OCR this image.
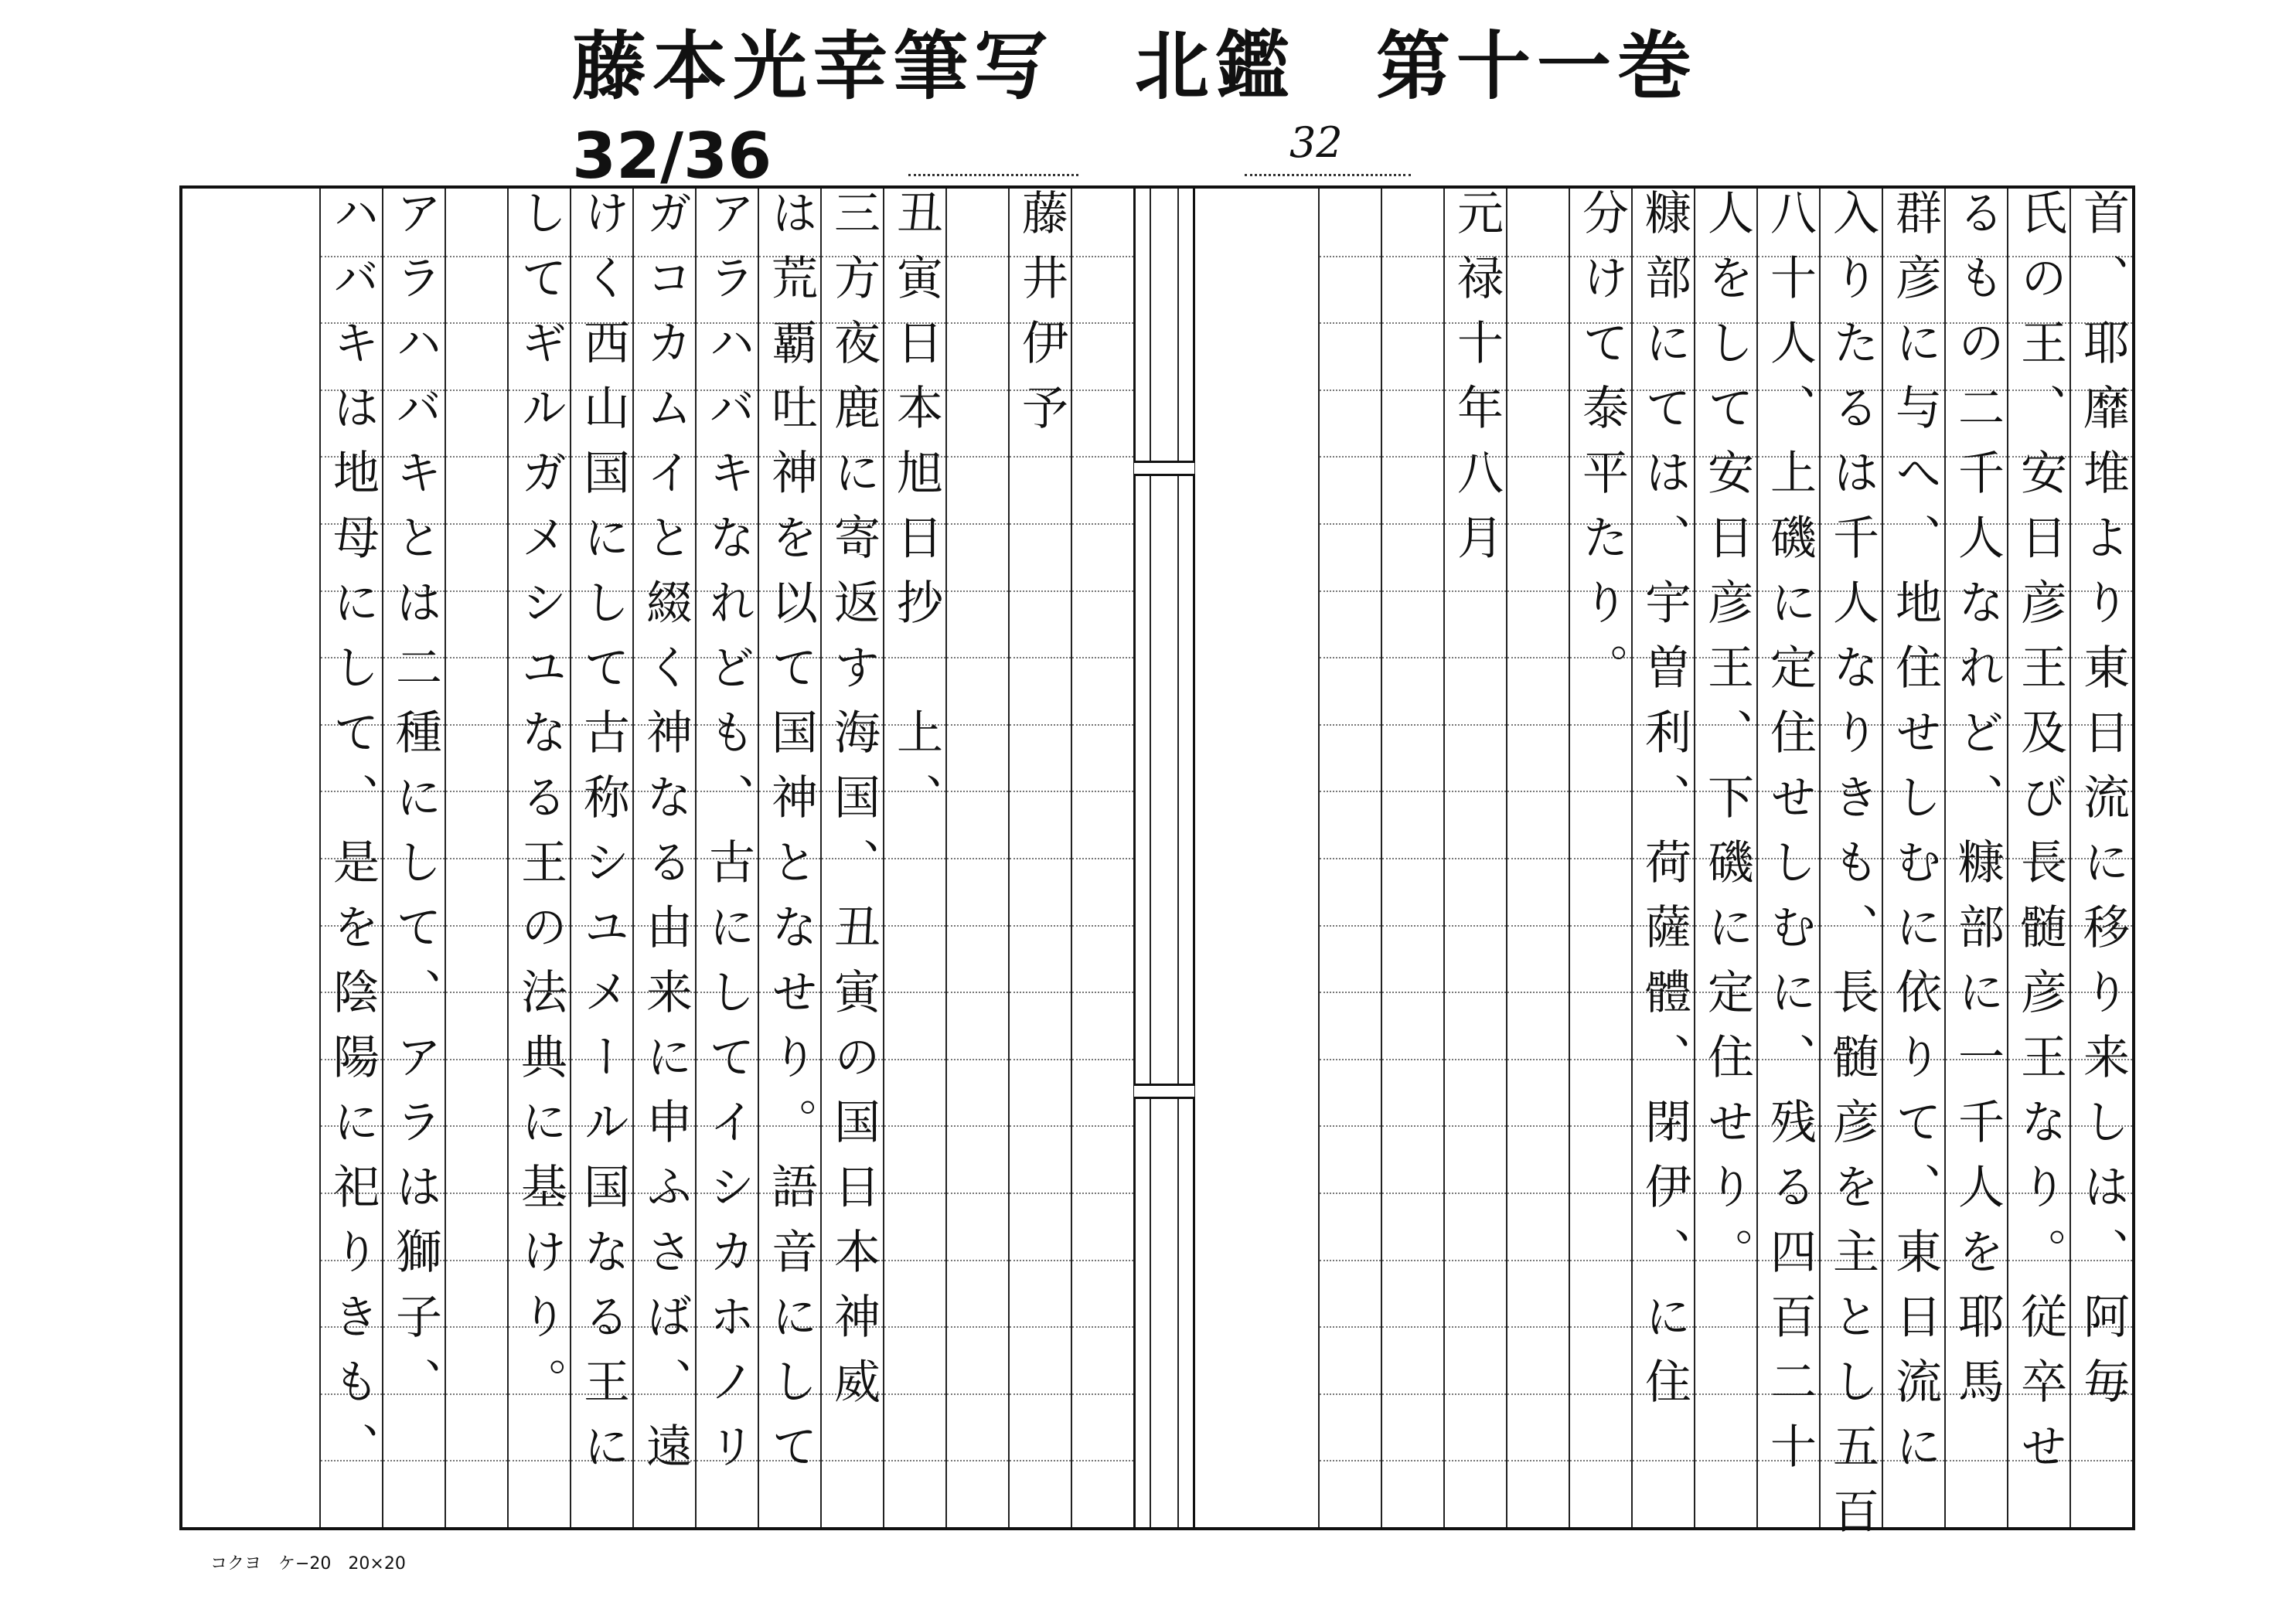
藤本光幸筆写　北鑑　第十一巻
32/36	32
首、耶靡堆より東日流に移り来しは、阿毎
氏の王、安日彦王及び長髄彦王なり。従卒せ
るもの二千人なれど、糠部に一千人を耶馬
群彦に与へ、地住せしむに依りて、東日流に
入りたるは千人なりきも、長髄彦を主とし五百
八十人、上磯に定住せしむに、残る四百二十
人をして安日彦王、下磯に定住せり。
糠部にては、宇曽利、荷薩體、閉伊、に住
分けて泰平たり。
元禄十年八月
藤井伊予
丑寅日本旭日抄　上、
三方夜鹿に寄返す海国、丑寅の国日本神威
は荒覇吐神を以て国神となせり。語音にして
アラハバキなれども、古にしてイシカホノリ
ガコカムイと綴く神なる由来に申ふさば、遠
けく西山国にして古称シユメール国なる王に
してギルガメシユなる王の法典に基けり。
アラハバキとは二種にして、アラは獅子、
ハバキは地母にして、是を陰陽に祀りきも、
コクヨ　ケ−20　20×20
